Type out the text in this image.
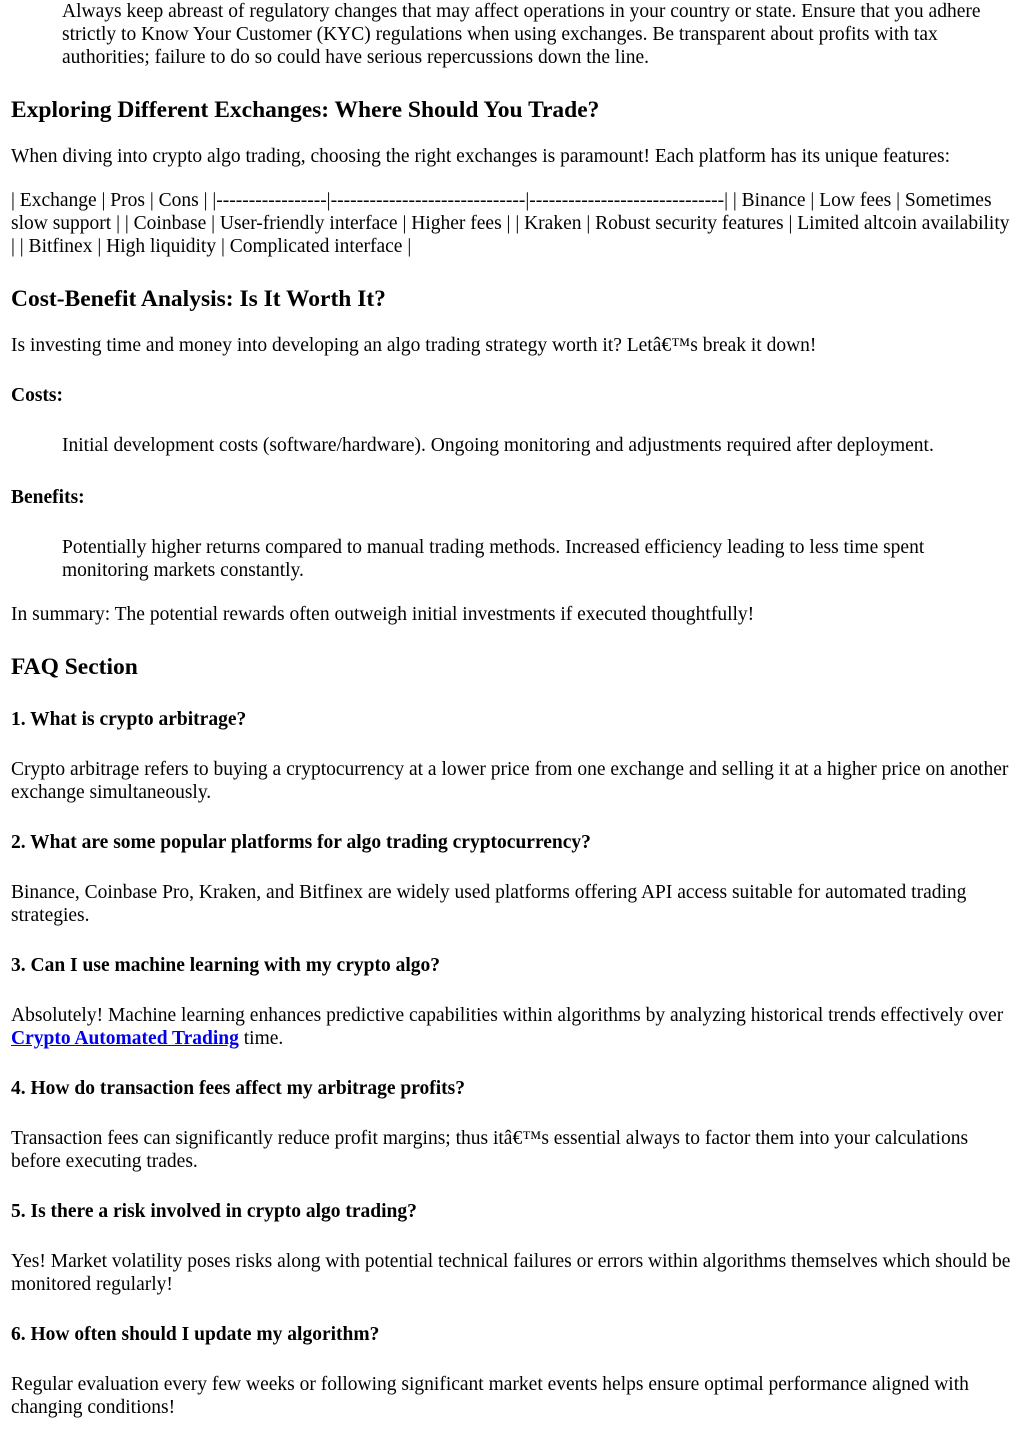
Always keep abreast of regulatory changes that may affect operations in your country or state. Ensure that you adhere strictly to Know Your Customer (KYC) regulations when using exchanges. Be transparent about profits with tax authorities; failure to do so could have serious repercussions down the line.

Exploring Different Exchanges: Where Should You Trade?

When diving into crypto algo trading, choosing the right exchanges is paramount! Each platform has its unique features:

| Exchange | Pros | Cons | |-----------------|------------------------------|------------------------------| | Binance | Low fees | Sometimes slow support | | Coinbase | User-friendly interface | Higher fees | | Kraken | Robust security features | Limited altcoin availability | | Bitfinex | High liquidity | Complicated interface |

Cost-Benefit Analysis: Is It Worth It?

Is investing time and money into developing an algo trading strategy worth it? Letâ€™s break it down!

Costs:

Initial development costs (software/hardware). Ongoing monitoring and adjustments required after deployment.

Benefits:

Potentially higher returns compared to manual trading methods. Increased efficiency leading to less time spent monitoring markets constantly.

In summary: The potential rewards often outweigh initial investments if executed thoughtfully!

FAQ Section
1. What is crypto arbitrage?

Crypto arbitrage refers to buying a cryptocurrency at a lower price from one exchange and selling it at a higher price on another exchange simultaneously.

2. What are some popular platforms for algo trading cryptocurrency?

Binance, Coinbase Pro, Kraken, and Bitfinex are widely used platforms offering API access suitable for automated trading strategies.

3. Can I use machine learning with my crypto algo?

Absolutely! Machine learning enhances predictive capabilities within algorithms by analyzing historical trends effectively over Crypto Automated Trading time.

4. How do transaction fees affect my arbitrage profits?

Transaction fees can significantly reduce profit margins; thus itâ€™s essential always to factor them into your calculations before executing trades.

5. Is there a risk involved in crypto algo trading?

Yes! Market volatility poses risks along with potential technical failures or errors within algorithms themselves which should be monitored regularly!

6. How often should I update my algorithm?

Regular evaluation every few weeks or following significant market events helps ensure optimal performance aligned with changing conditions!
